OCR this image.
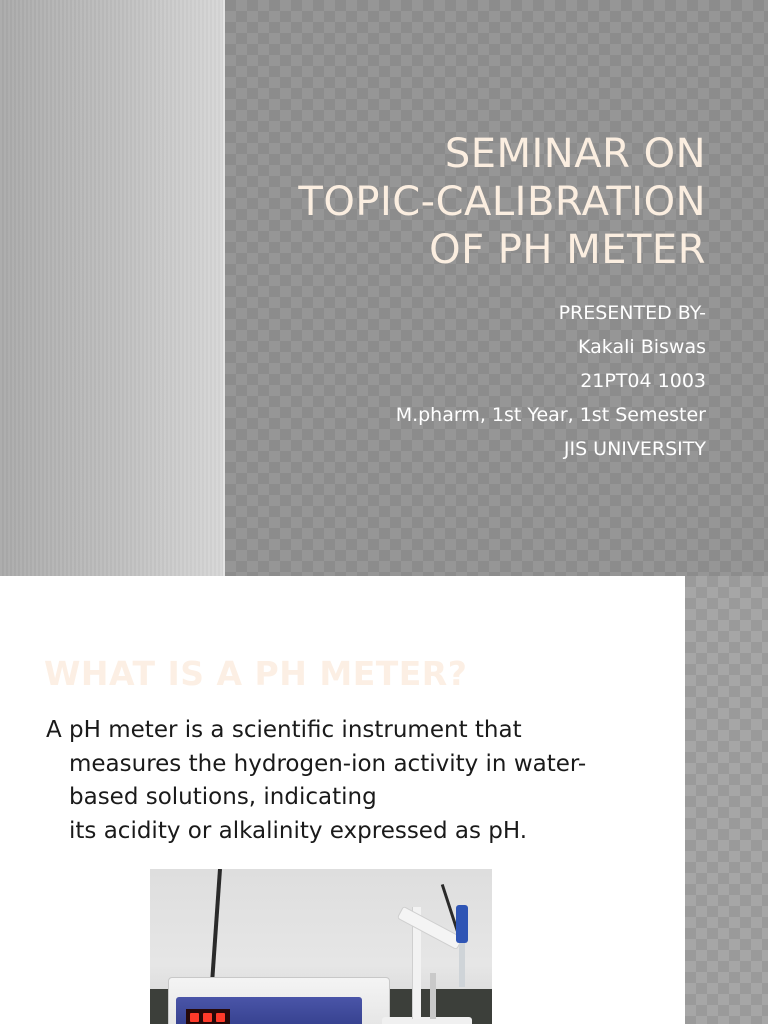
SEMINAR ON
TOPIC-CALIBRATION
OF PH METER
PRESENTED BY-
Kakali Biswas
21PT04 1003
M.pharm, 1st Year, 1st Semester
JIS UNIVERSITY
WHAT IS A PH METER?
A pH meter is a scientific instrument that
measures the hydrogen-ion activity in water-
based solutions, indicating
its acidity or alkalinity expressed as pH.
